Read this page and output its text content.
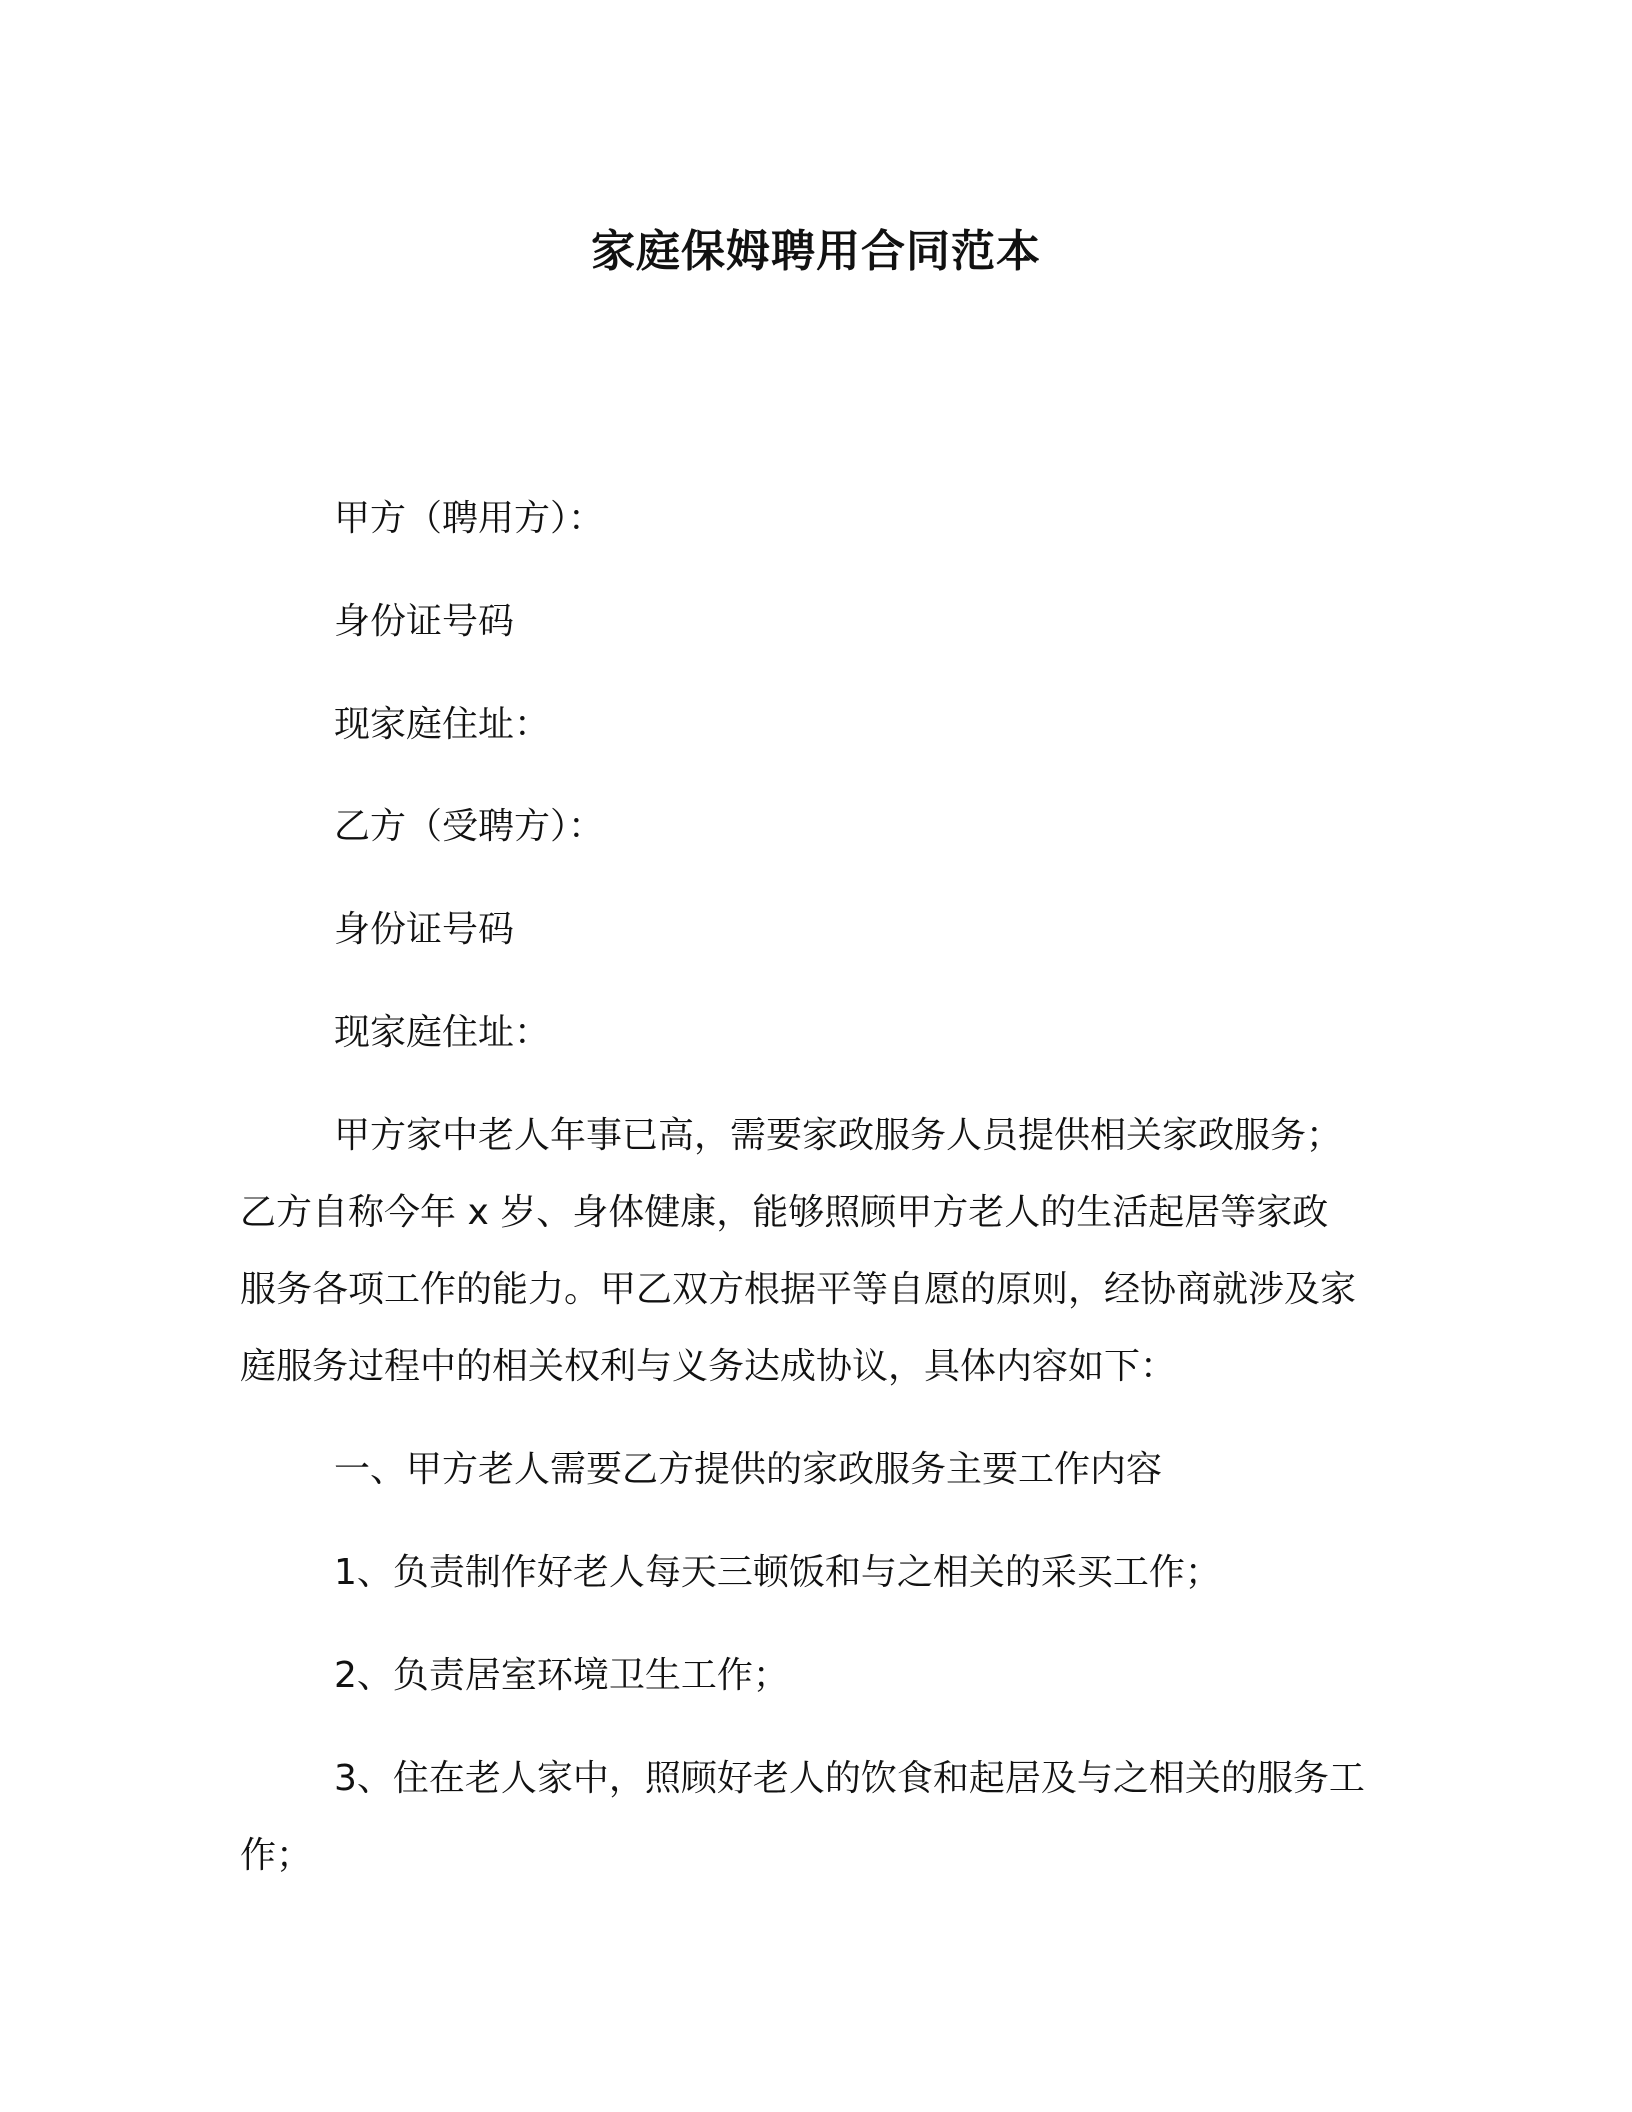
家庭保姆聘用合同范本
甲方（聘用方）：
身份证号码
现家庭住址：
乙方（受聘方）：
身份证号码
现家庭住址：
甲方家中老人年事已高，需要家政服务人员提供相关家政服务；乙方自称今年 x 岁、身体健康，能够照顾甲方老人的生活起居等家政服务各项工作的能力。甲乙双方根据平等自愿的原则，经协商就涉及家庭服务过程中的相关权利与义务达成协议，具体内容如下：
一、甲方老人需要乙方提供的家政服务主要工作内容
1、负责制作好老人每天三顿饭和与之相关的采买工作；
2、负责居室环境卫生工作；
3、住在老人家中，照顾好老人的饮食和起居及与之相关的服务工作；
